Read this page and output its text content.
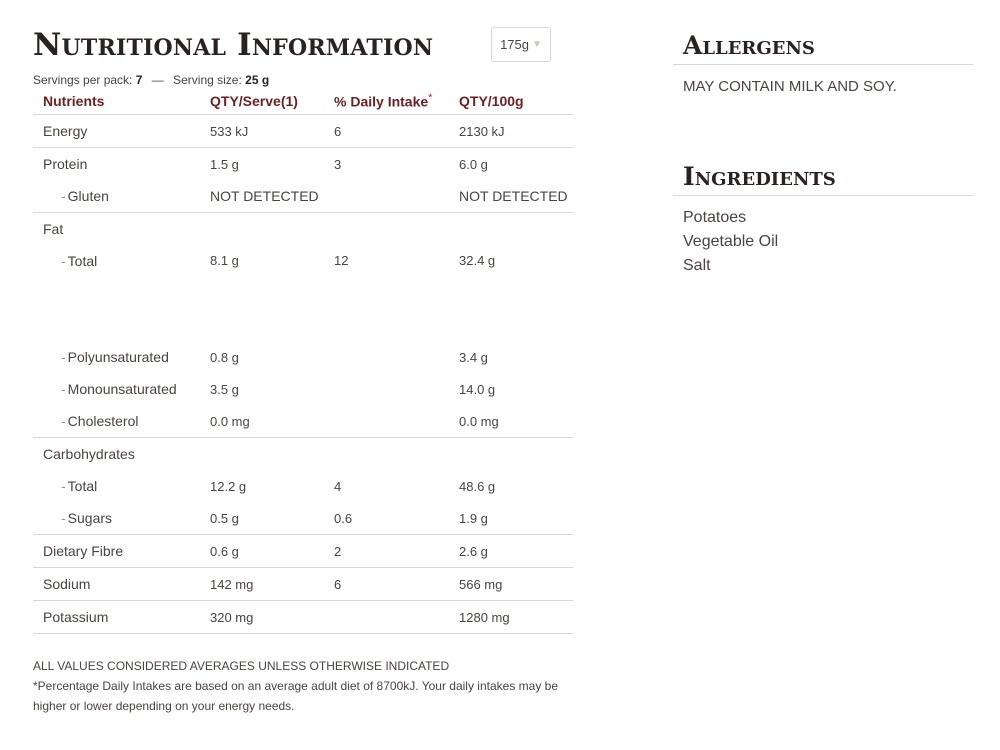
Nutritional Information	175g ▼
Servings per pack: 7 — Serving size: 25 g
Nutrients	QTY/Serve(1)	% Daily Intake*	QTY/100g
Energy	533 kJ	6	2130 kJ
Protein	1.5 g	3	6.0 g
- Gluten	NOT DETECTED		NOT DETECTED
Fat			
- Total	8.1 g	12	32.4 g
- Polyunsaturated	0.8 g		3.4 g
- Monounsaturated	3.5 g		14.0 g
- Cholesterol	0.0 mg		0.0 mg
Carbohydrates			
- Total	12.2 g	4	48.6 g
- Sugars	0.5 g	0.6	1.9 g
Dietary Fibre	0.6 g	2	2.6 g
Sodium	142 mg	6	566 mg
Potassium	320 mg		1280 mg
ALL VALUES CONSIDERED AVERAGES UNLESS OTHERWISE INDICATED
*Percentage Daily Intakes are based on an average adult diet of 8700kJ. Your daily intakes may be higher or lower depending on your energy needs.
Allergens
MAY CONTAIN MILK AND SOY.
Ingredients
Potatoes
Vegetable Oil
Salt
